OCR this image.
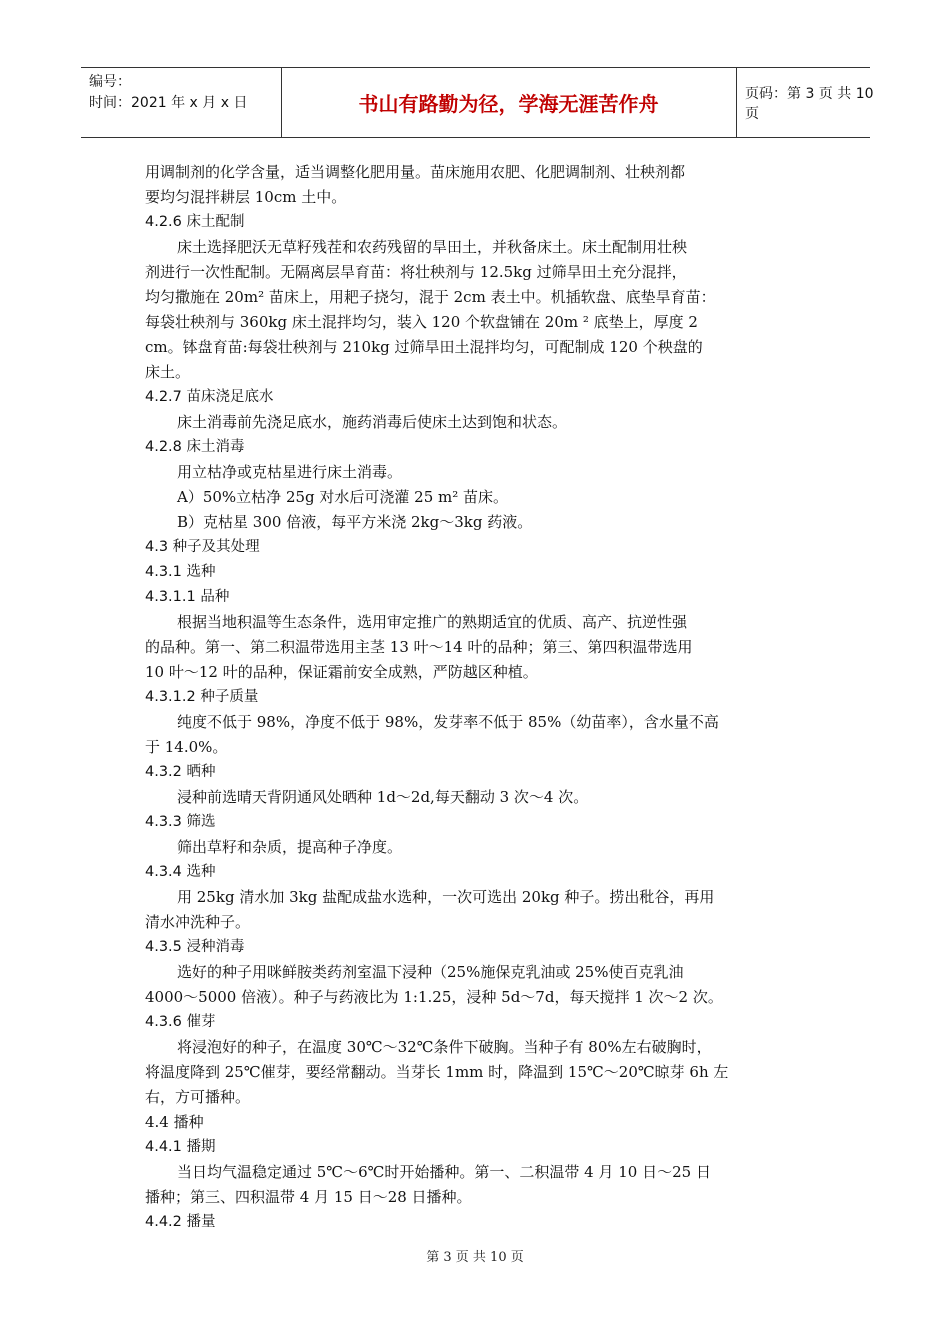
编号：
时间：2021 年 x 月 x 日	书山有路勤为径，学海无涯苦作舟	页码：第 3 页 共 10 页
用调制剂的化学含量，适当调整化肥用量。苗床施用农肥、化肥调制剂、壮秧剂都
要均匀混拌耕层 10cm 土中。
4.2.6 床土配制
床土选择肥沃无草籽残茬和农药残留的旱田土，并秋备床土。床土配制用壮秧
剂进行一次性配制。无隔离层旱育苗：将壮秧剂与 12.5kg 过筛旱田土充分混拌，
均匀撒施在 20m² 苗床上，用耙子挠匀，混于 2cm 表土中。机插软盘、底垫旱育苗：
每袋壮秧剂与 360kg 床土混拌均匀，装入 120 个软盘铺在 20m ² 底垫上，厚度 2
cm。钵盘育苗:每袋壮秧剂与 210kg 过筛旱田土混拌均匀，可配制成 120 个秧盘的
床土。
4.2.7 苗床浇足底水
床土消毒前先浇足底水，施药消毒后使床土达到饱和状态。
4.2.8 床土消毒
用立枯净或克枯星进行床土消毒。
A）50%立枯净 25g 对水后可浇灌 25 m² 苗床。
B）克枯星 300 倍液，每平方米浇 2kg～3kg 药液。
4.3 种子及其处理
4.3.1 选种
4.3.1.1 品种
根据当地积温等生态条件，选用审定推广的熟期适宜的优质、高产、抗逆性强
的品种。第一、第二积温带选用主茎 13 叶～14 叶的品种；第三、第四积温带选用
10 叶～12 叶的品种，保证霜前安全成熟，严防越区种植。
4.3.1.2 种子质量
纯度不低于 98%，净度不低于 98%，发芽率不低于 85%（幼苗率），含水量不高
于 14.0%。
4.3.2 晒种
浸种前选晴天背阴通风处晒种 1d～2d,每天翻动 3 次～4 次。
4.3.3 筛选
筛出草籽和杂质，提高种子净度。
4.3.4 选种
用 25kg 清水加 3kg 盐配成盐水选种，一次可选出 20kg 种子。捞出秕谷，再用
清水冲洗种子。
4.3.5 浸种消毒
选好的种子用咪鲜胺类药剂室温下浸种（25%施保克乳油或 25%使百克乳油
4000～5000 倍液）。种子与药液比为 1:1.25，浸种 5d～7d，每天搅拌 1 次～2 次。
4.3.6 催芽
将浸泡好的种子，在温度 30℃～32℃条件下破胸。当种子有 80%左右破胸时，
将温度降到 25℃催芽，要经常翻动。当芽长 1mm 时，降温到 15℃～20℃晾芽 6h 左
右，方可播种。
4.4 播种
4.4.1 播期
当日均气温稳定通过 5℃～6℃时开始播种。第一、二积温带 4 月 10 日～25 日
播种；第三、四积温带 4 月 15 日～28 日播种。
4.4.2 播量
第 3 页 共 10 页
